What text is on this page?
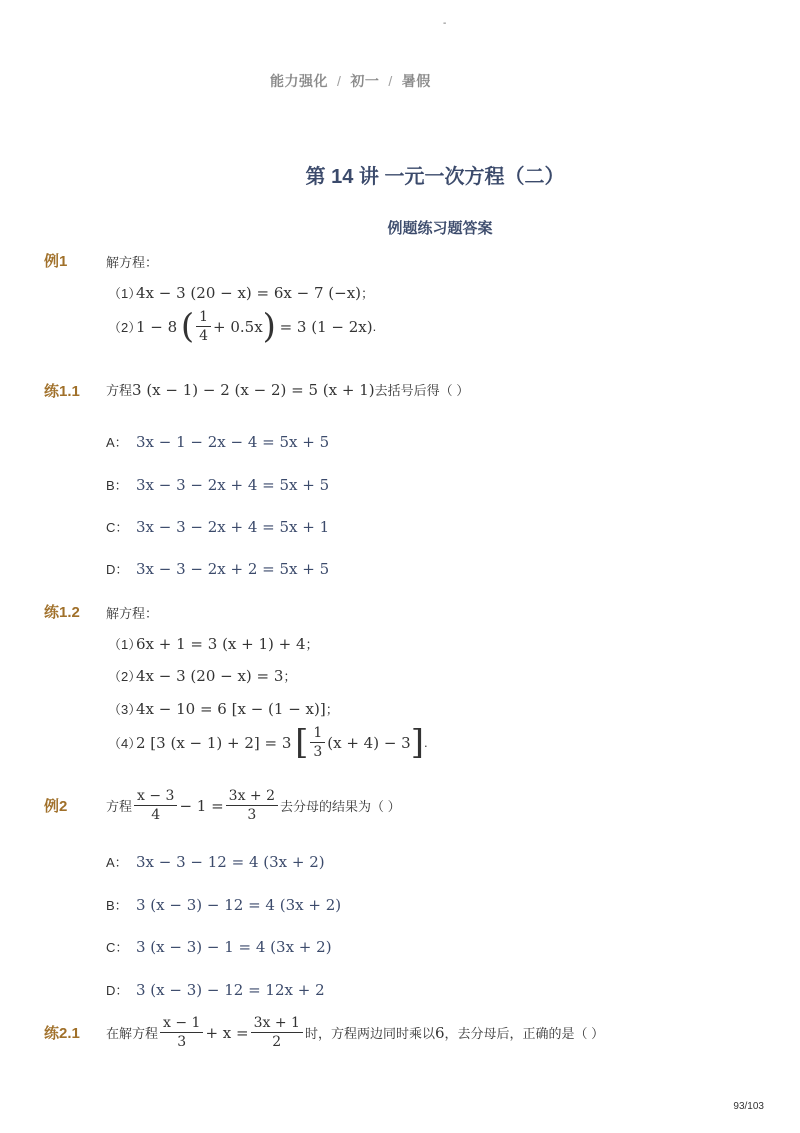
-
能力强化 / 初一 / 暑假
第 14 讲 一元一次方程（二）
例题练习题答案
例1	解方程：
（1）4x − 3 (20 − x) = 6x − 7 (−x)；
（2）1 − 8 ( $\frac{1}{4} + 0.5x) = 3$ (1 − 2x).
练1.1 方程3 (x − 1) − 2 (x − 2) = 5 (x + 1)去括号后得（ ）
A： 3x − 1 − 2x − 4 = 5x + 5
B： 3x − 3 − 2x + 4 = 5x + 5
C： 3x − 3 − 2x + 4 = 5x + 1
D： 3x − 3 − 2x + 2 = 5x + 5
练1.2 解方程：
（1）6x + 1 = 3 (x + 1) + 4；
（2）4x − 3 (20 − x) = 3；
（3）4x − 10 = 6 [x − (1 − x)]；
（4）2 [3 (x − 1) + 2] = 3 [ $\frac{1}{3} (x + 4) - 3$].
例2	方程 $\frac{x - 3}{4} - 1 = \frac{3x + 2}{3}$ 去分母的结果为（ ）
A： 3x − 3 − 12 = 4 (3x + 2)
B： 3 (x − 3) − 12 = 4 (3x + 2)
C： 3 (x − 3) − 1 = 4 (3x + 2)
D： 3 (x − 3) − 12 = 12x + 2
练2.1 在解方程 $\frac{x - 1}{3} + x = \frac{3x + 1}{2}$ 时，方程两边同时乘以6，去分母后，正确的是（ ）
93/103
